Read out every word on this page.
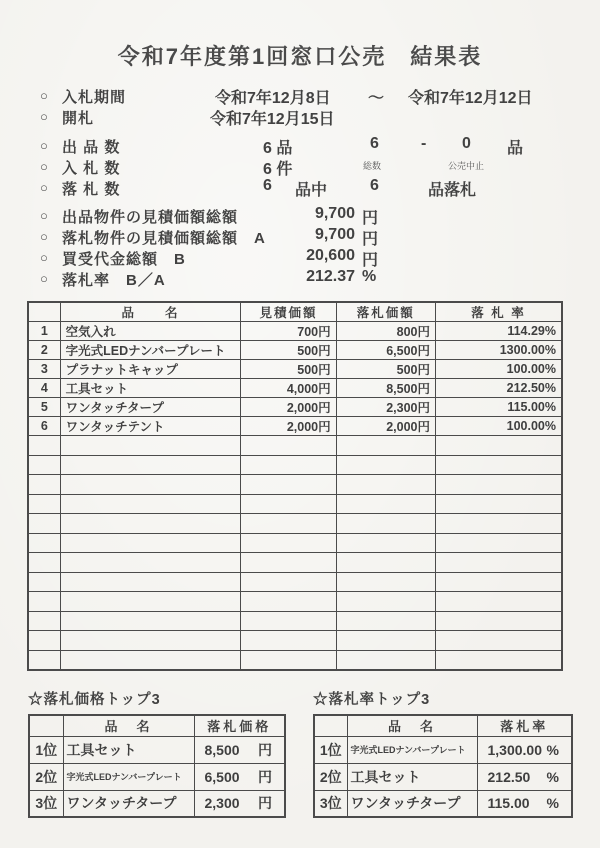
令和7年度第1回窓口公売　結果表
○ 入札期間	令和7年12月8日 ～ 令和7年12月12日
○ 開札	令和7年12月15日
○ 出 品 数	6 品	6	- 0 品
総数	公売中止
○ 入 札 数	6 件
○ 落 札 数	6 品中	6	品落札
○ 出品物件の見積価額総額	9,700 円
○ 落札物件の見積価額総額　A	9,700 円
○ 買受代金総額　B	20,600 円
○ 落札率　B／A	212.37 %
	品　　名	見積価額	落札価額	落 札 率
1	空気入れ	700円	800円	114.29%
2	字光式LEDナンバープレート	500円	6,500円	1300.00%
3	プラナットキャップ	500円	500円	100.00%
4	工具セット	4,000円	8,500円	212.50%
5	ワンタッチタープ	2,000円	2,300円	115.00%
6	ワンタッチテント	2,000円	2,000円	100.00%

☆落札価格トップ3
	品　名	落札価格
1位	工具セット	8,500 円

2位	字光式LEDナンバープレート	6,500 円

3位	ワンタッチタープ	2,300 円
☆落札率トップ3
	品　名	落札率
1位	字光式LEDナンバープレート	1,300.00 %

2位	工具セット	212.50 %

3位	ワンタッチタープ	115.00 %
